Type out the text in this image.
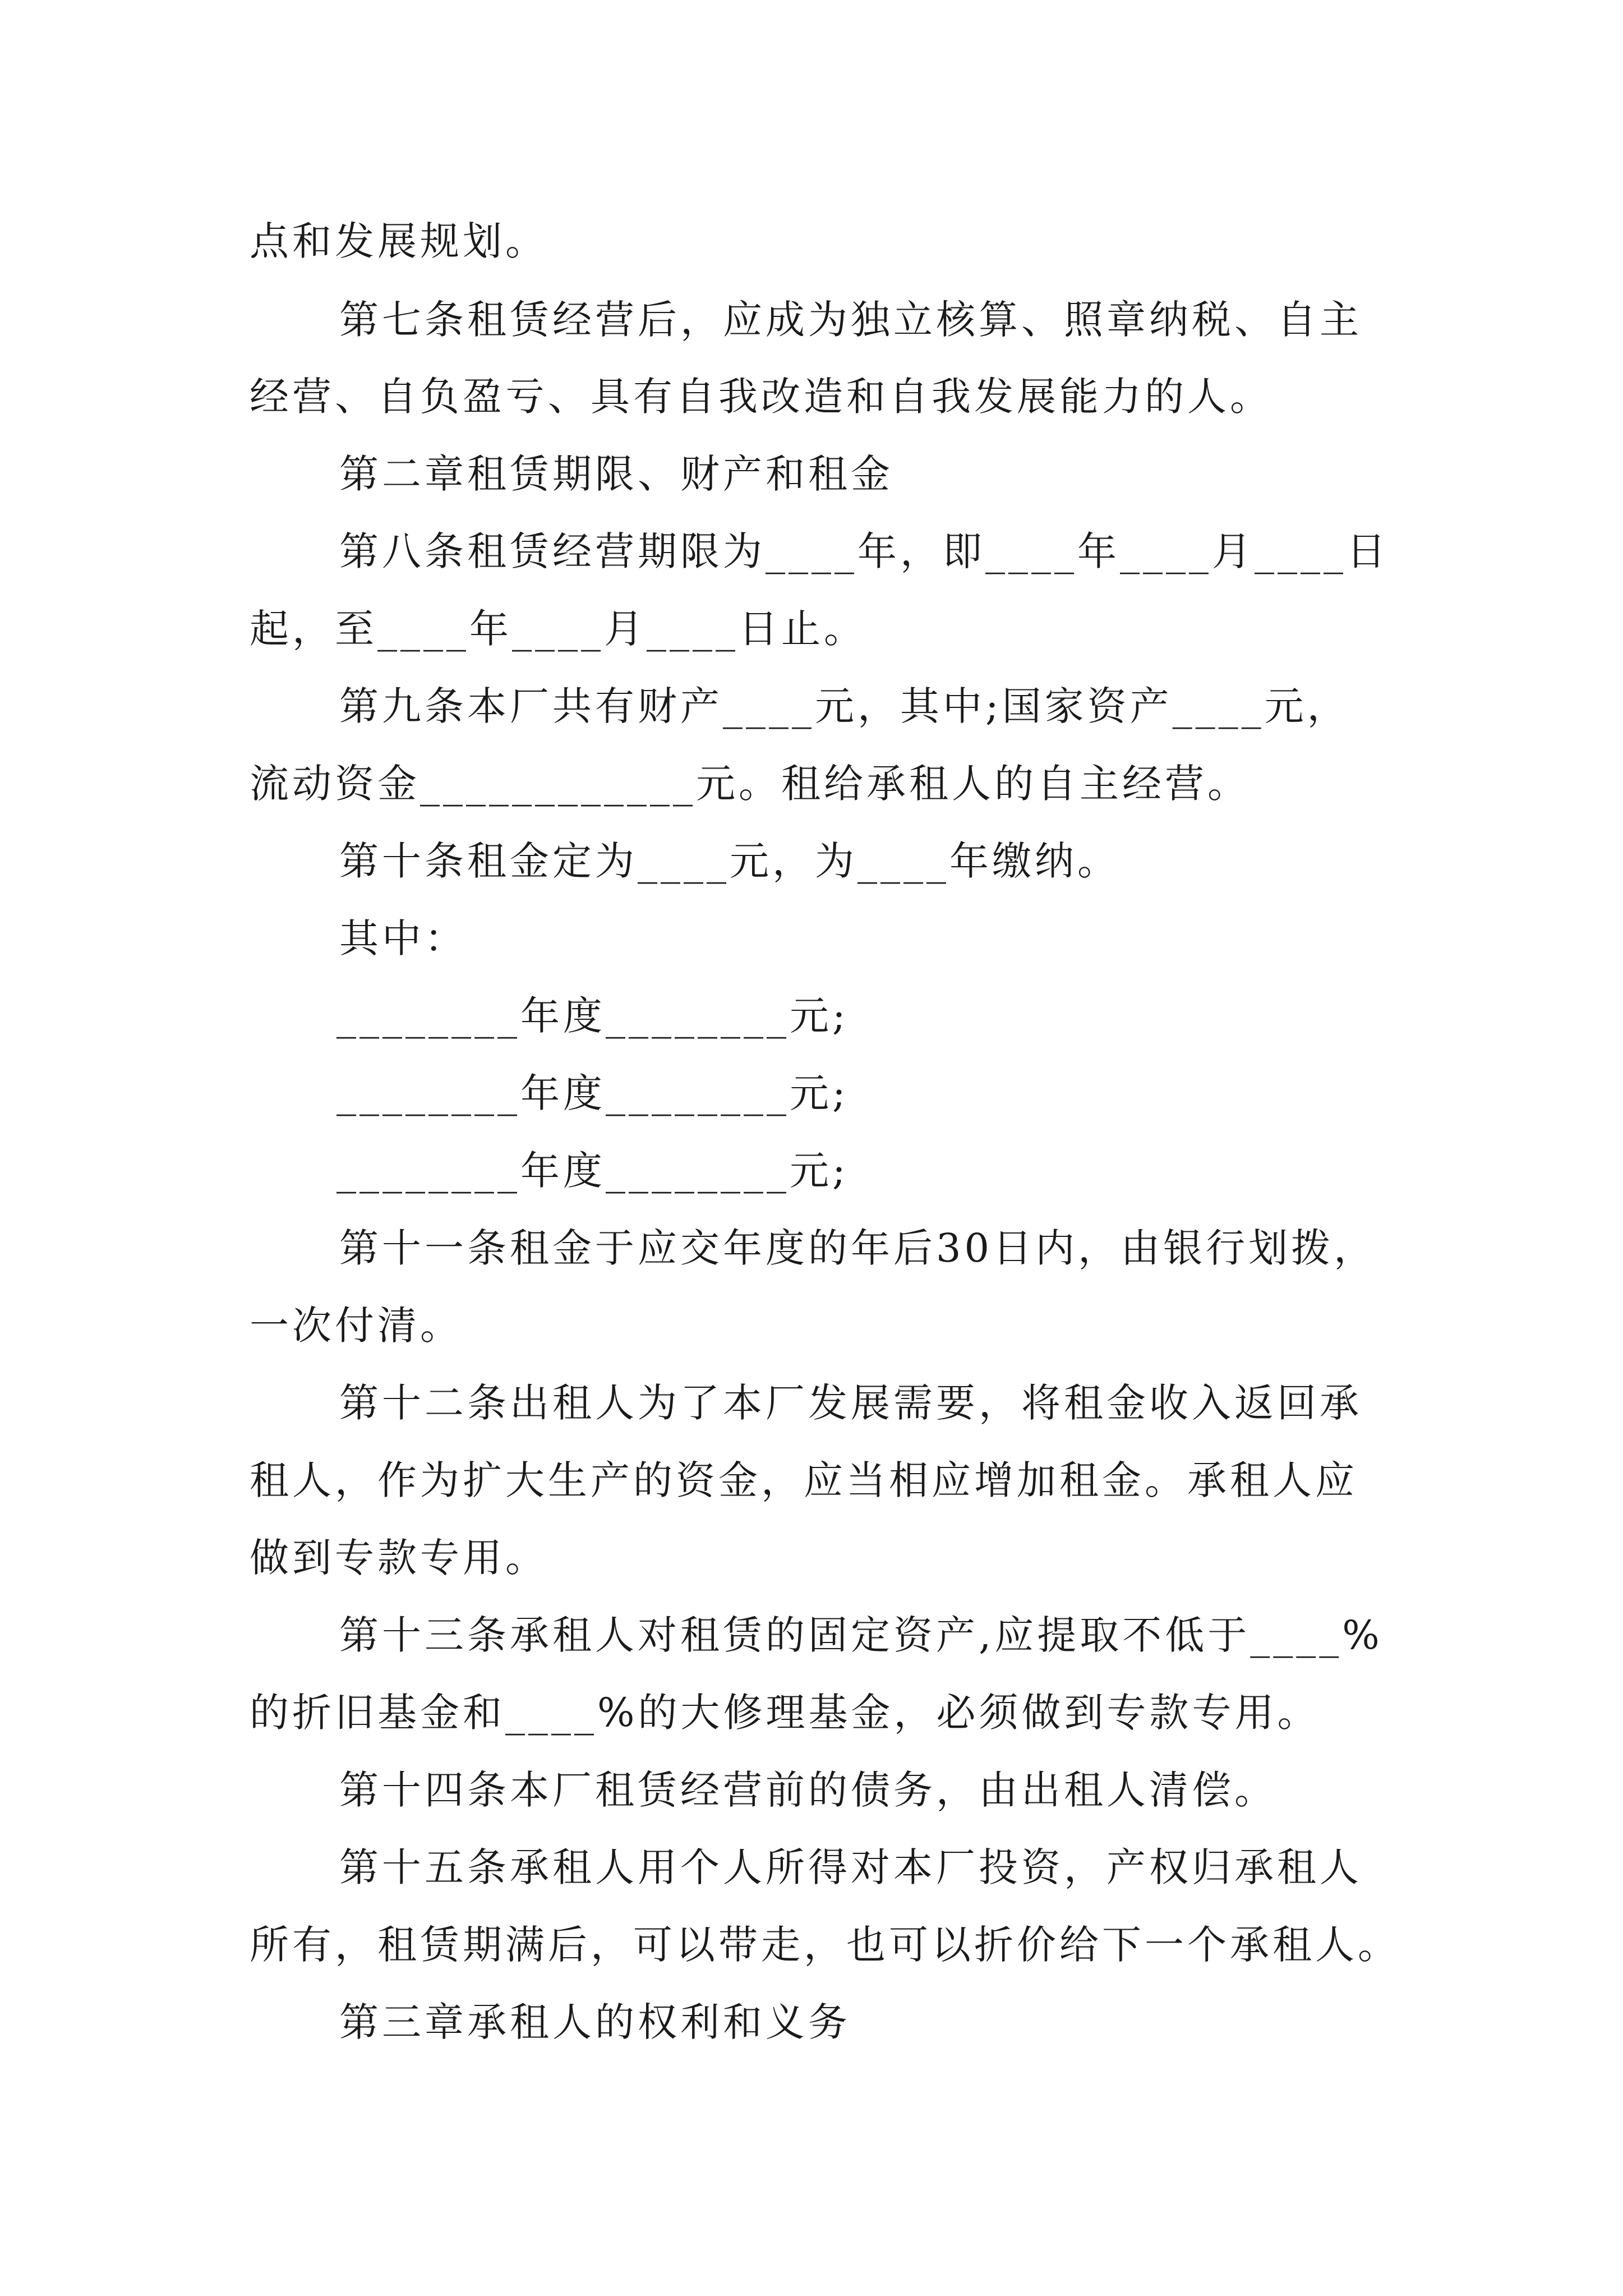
点和发展规划。
第七条租赁经营后，应成为独立核算、照章纳税、自主
经营、自负盈亏、具有自我改造和自我发展能力的人。
第二章租赁期限、财产和租金
第八条租赁经营期限为____年，即____年____月____日
起，至____年____月____日止。
第九条本厂共有财产____元，其中;国家资产____元，
流动资金____________元。租给承租人的自主经营。
第十条租金定为____元，为____年缴纳。
其中：
________年度________元;
________年度________元;
________年度________元;
第十一条租金于应交年度的年后30日内，由银行划拨，
一次付清。
第十二条出租人为了本厂发展需要，将租金收入返回承
租人，作为扩大生产的资金，应当相应增加租金。承租人应
做到专款专用。
第十三条承租人对租赁的固定资产,应提取不低于____%
的折旧基金和____%的大修理基金，必须做到专款专用。
第十四条本厂租赁经营前的债务，由出租人清偿。
第十五条承租人用个人所得对本厂投资，产权归承租人
所有，租赁期满后，可以带走，也可以折价给下一个承租人。
第三章承租人的权利和义务
